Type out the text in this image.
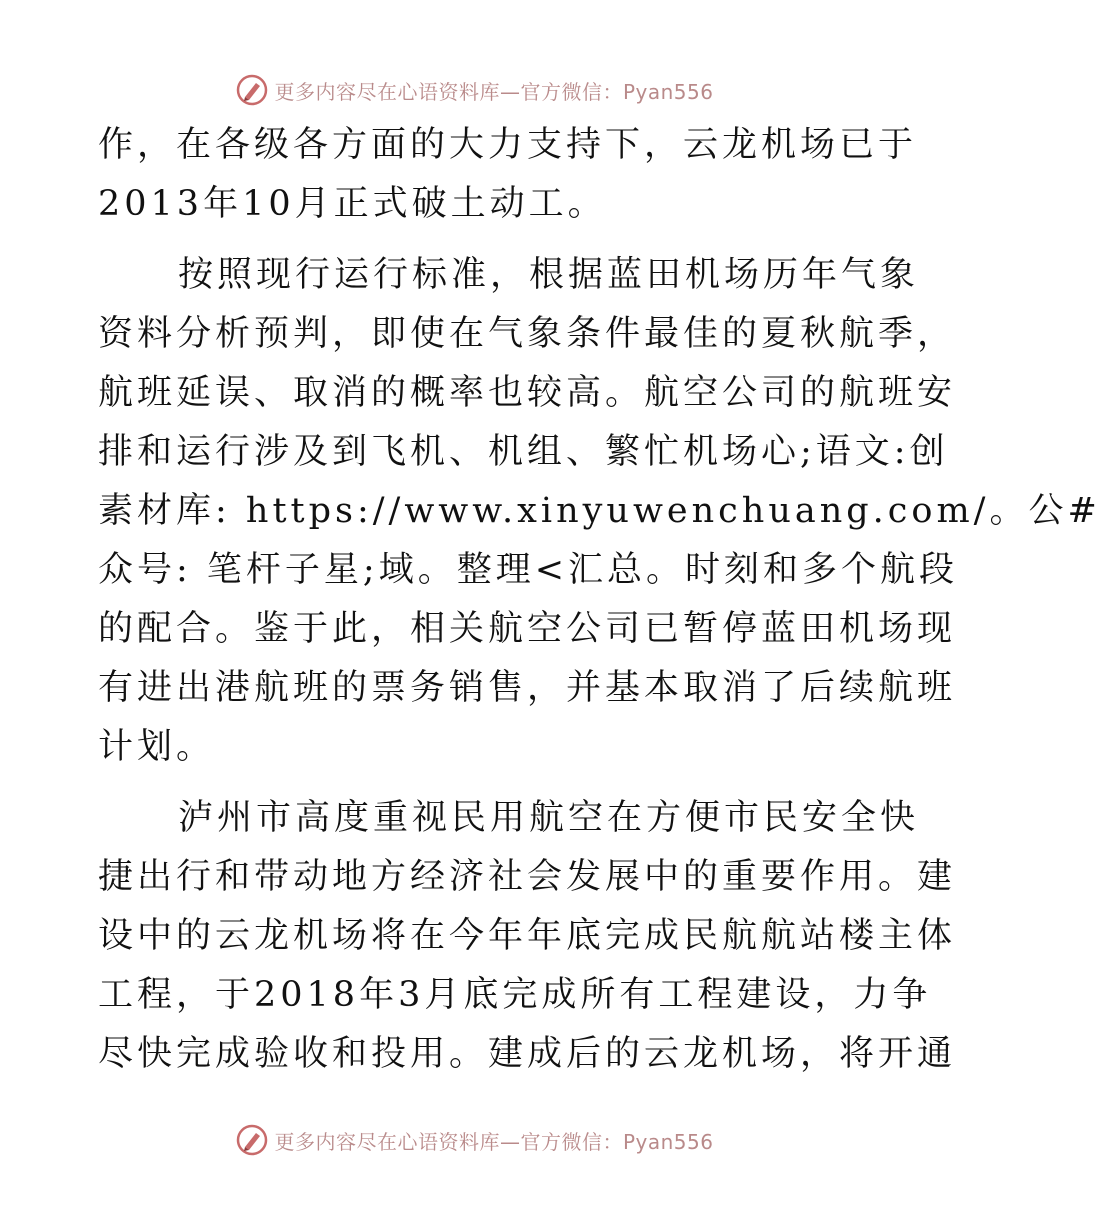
更多内容尽在心语资料库—官方微信：Pyan556

作，在各级各方面的大力支持下，云龙机场已于
2013年10月正式破土动工。

按照现行运行标准，根据蓝田机场历年气象
资料分析预判，即使在气象条件最佳的夏秋航季，
航班延误、取消的概率也较高。航空公司的航班安
排和运行涉及到飞机、机组、繁忙机场心;语文:创
素材库: https://www.xinyuwenchuang.com/。公#
众号: 笔杆子星;域。整理<汇总。时刻和多个航段
的配合。鉴于此，相关航空公司已暂停蓝田机场现
有进出港航班的票务销售，并基本取消了后续航班
计划。

泸州市高度重视民用航空在方便市民安全快
捷出行和带动地方经济社会发展中的重要作用。建
设中的云龙机场将在今年年底完成民航航站楼主体
工程，于2018年3月底完成所有工程建设，力争
尽快完成验收和投用。建成后的云龙机场，将开通

更多内容尽在心语资料库—官方微信：Pyan556
